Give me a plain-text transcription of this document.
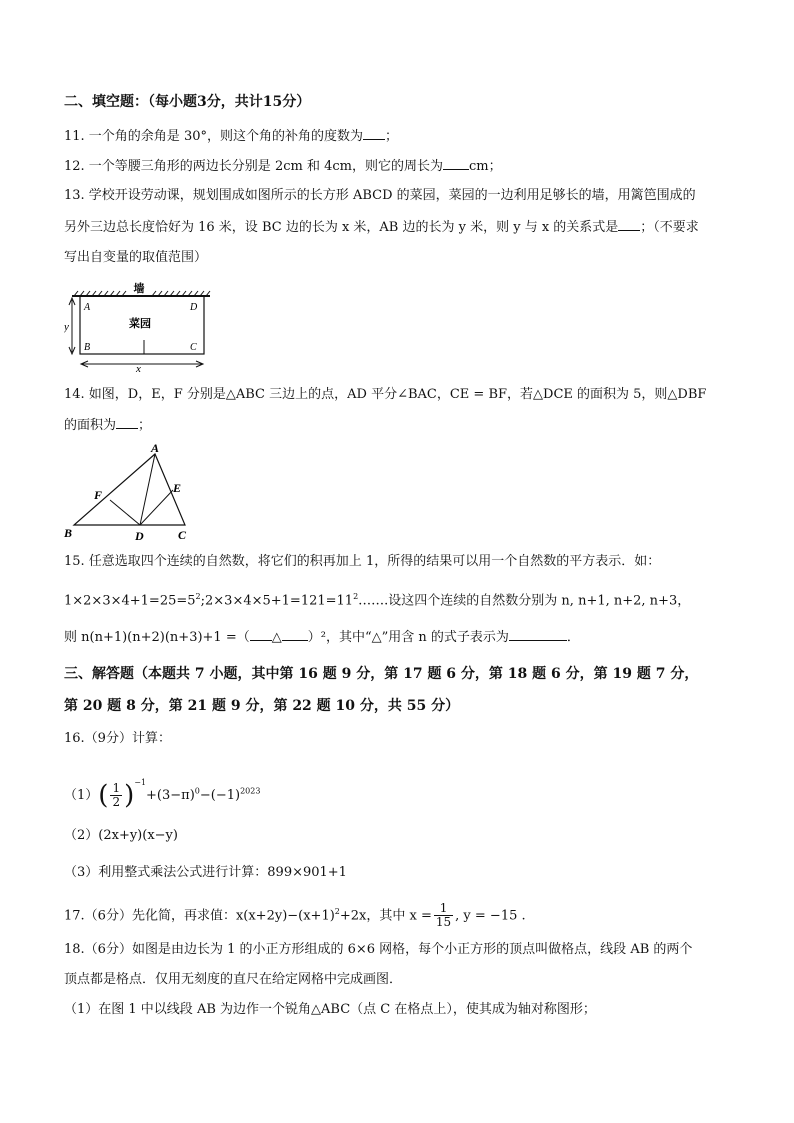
二、填空题：（每小题3分，共计15分）
11. 一个角的余角是 30°，则这个角的补角的度数为 ；
12. 一个等腰三角形的两边长分别是 2cm 和 4cm，则它的周长为 cm；
13. 学校开设劳动课，规划围成如图所示的长方形 ABCD 的菜园，菜园的一边利用足够长的墙，用篱笆围成的
另外三边总长度恰好为 16 米，设 BC 边的长为 x 米，AB 边的长为 y 米，则 y 与 x 的关系式是 ；（不要求
写出自变量的取值范围）
墙
菜园
A
B	C
D
y
x
14. 如图，D，E，F 分别是△ABC 三边上的点，AD 平分∠BAC，CE = BF，若△DCE 的面积为 5，则△DBF
的面积为 ；
A
B	C
D
E
F
15. 任意选取四个连续的自然数，将它们的积再加上 1，所得的结果可以用一个自然数的平方表示．如：
$1\times 2\times 3\times 4+1=25=5^2;2\times 3\times 4\times 5+1=121=11^2\dots\dots$.设这四个连续的自然数分别为 n, n+1, n+2, n+3，
则 n(n+1)(n+2)(n+3)+1 =（ △ ）²，其中“△”用含 n 的式子表示为	．
三、解答题（本题共 7 小题，其中第 16 题 9 分，第 17 题 6 分，第 18 题 6 分，第 19 题 7 分，
第 20 题 8 分，第 21 题 9 分，第 22 题 10 分，共 55 分）
16.（9分）计算：
$(1)( \frac{1}{2} )^{-1}+(3-\pi)^0-(-1)^{2023}$
（2）(2x+y)(x−y)
（3）利用整式乘法公式进行计算：899×901+1
17.（6分）先化简，再求值：$x(x+2y)-(x+1)^2+2x$，其中 $x = \frac{1}{15}$ , y = −15 .
18.（6分）如图是由边长为 1 的小正方形组成的 6×6 网格，每个小正方形的顶点叫做格点，线段 AB 的两个
顶点都是格点．仅用无刻度的直尺在给定网格中完成画图．
（1）在图 1 中以线段 AB 为边作一个锐角△ABC（点 C 在格点上），使其成为轴对称图形；
